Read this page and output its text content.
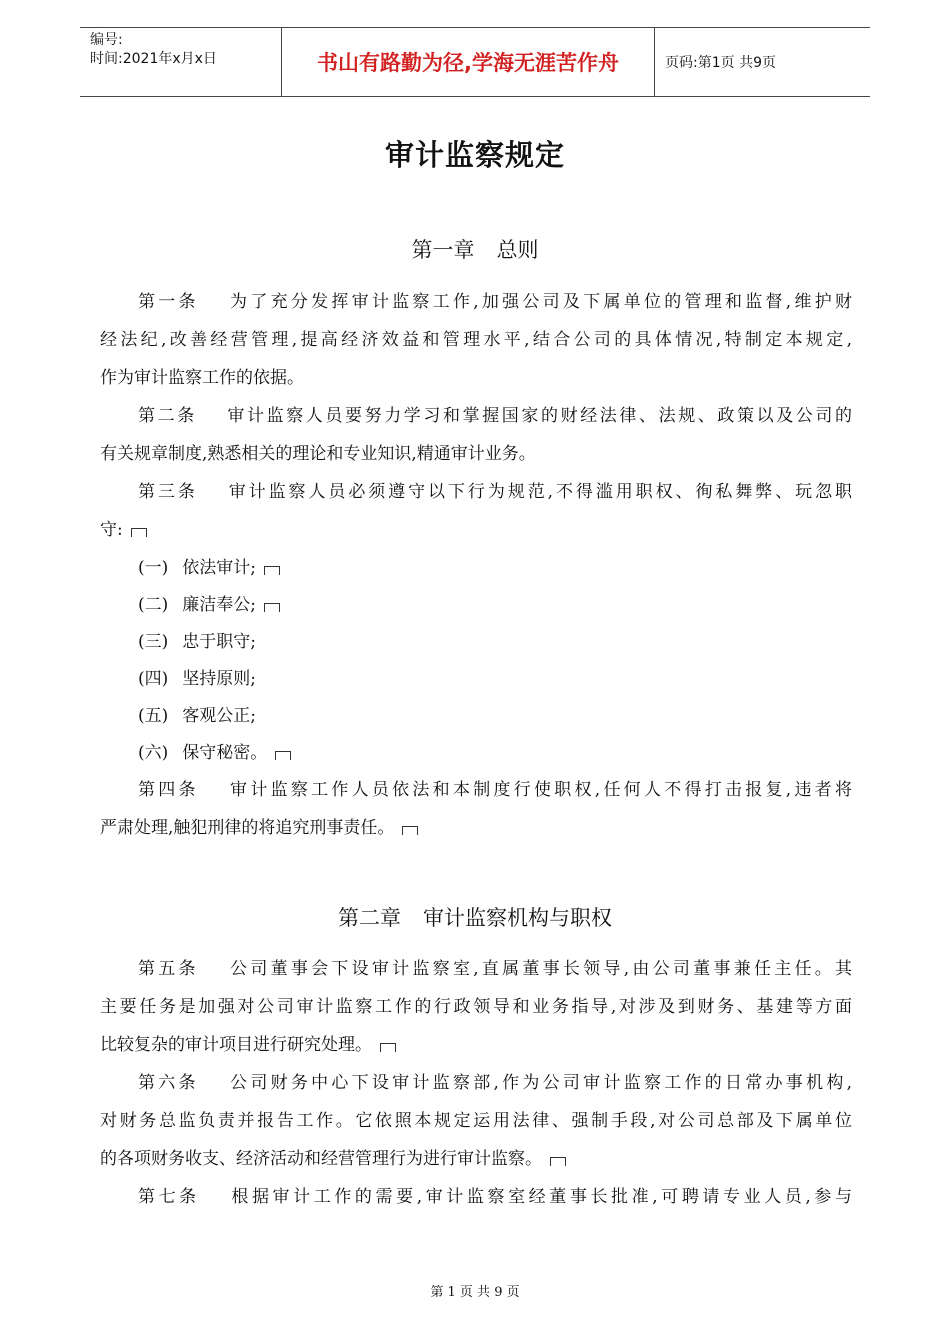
编号:
时间:2021年x月x日	书山有路勤为径,学海无涯苦作舟	页码:第1页 共9页
审计监察规定
第一章 总则
第一条 为了充分发挥审计监察工作,加强公司及下属单位的管理和监督,维护财
经法纪,改善经营管理,提高经济效益和管理水平,结合公司的具体情况,特制定本规定,
作为审计监察工作的依据。
第二条 审计监察人员要努力学习和掌握国家的财经法律、法规、政策以及公司的
有关规章制度,熟悉相关的理论和专业知识,精通审计业务。
第三条 审计监察人员必须遵守以下行为规范,不得滥用职权、徇私舞弊、玩忽职
守:
(一) 依法审计;
(二) 廉洁奉公;
(三) 忠于职守;
(四) 坚持原则;
(五) 客观公正;
(六) 保守秘密。
第四条 审计监察工作人员依法和本制度行使职权,任何人不得打击报复,违者将
严肃处理,触犯刑律的将追究刑事责任。
第二章 审计监察机构与职权
第五条 公司董事会下设审计监察室,直属董事长领导,由公司董事兼任主任。其
主要任务是加强对公司审计监察工作的行政领导和业务指导,对涉及到财务、基建等方面
比较复杂的审计项目进行研究处理。
第六条 公司财务中心下设审计监察部,作为公司审计监察工作的日常办事机构,
对财务总监负责并报告工作。它依照本规定运用法律、强制手段,对公司总部及下属单位
的各项财务收支、经济活动和经营管理行为进行审计监察。
第七条 根据审计工作的需要,审计监察室经董事长批准,可聘请专业人员,参与
第 1 页 共 9 页
